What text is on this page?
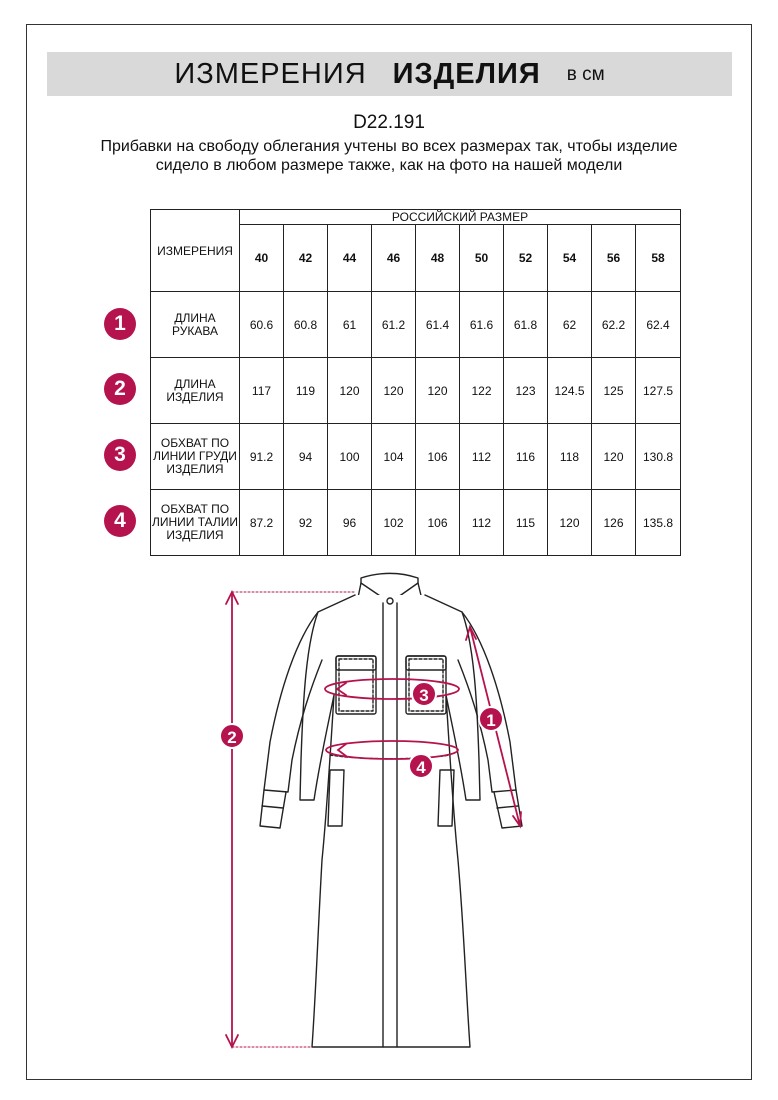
ИЗМЕРЕНИЯ ИЗДЕЛИЯ в см
D22.191
Прибавки на свободу облегания учтены во всех размерах так, чтобы изделие сидело в любом размере также, как на фото на нашей модели
ИЗМЕРЕНИЯ	РОССИЙСКИЙ РАЗМЕР									
	40	42	44	46	48	50	52	54	56	58
ДЛИНА РУКАВА	60.6	60.8	61	61.2	61.4	61.6	61.8	62	62.2	62.4
ДЛИНА ИЗДЕЛИЯ	117	119	120	120	120	122	123	124.5	125	127.5
ОБХВАТ ПО ЛИНИИ ГРУДИ ИЗДЕЛИЯ	91.2	94	100	104	106	112	116	118	120	130.8
ОБХВАТ ПО ЛИНИИ ТАЛИИ ИЗДЕЛИЯ	87.2	92	96	102	106	112	115	120	126	135.8
1
2
3
4
1
2
3
4
